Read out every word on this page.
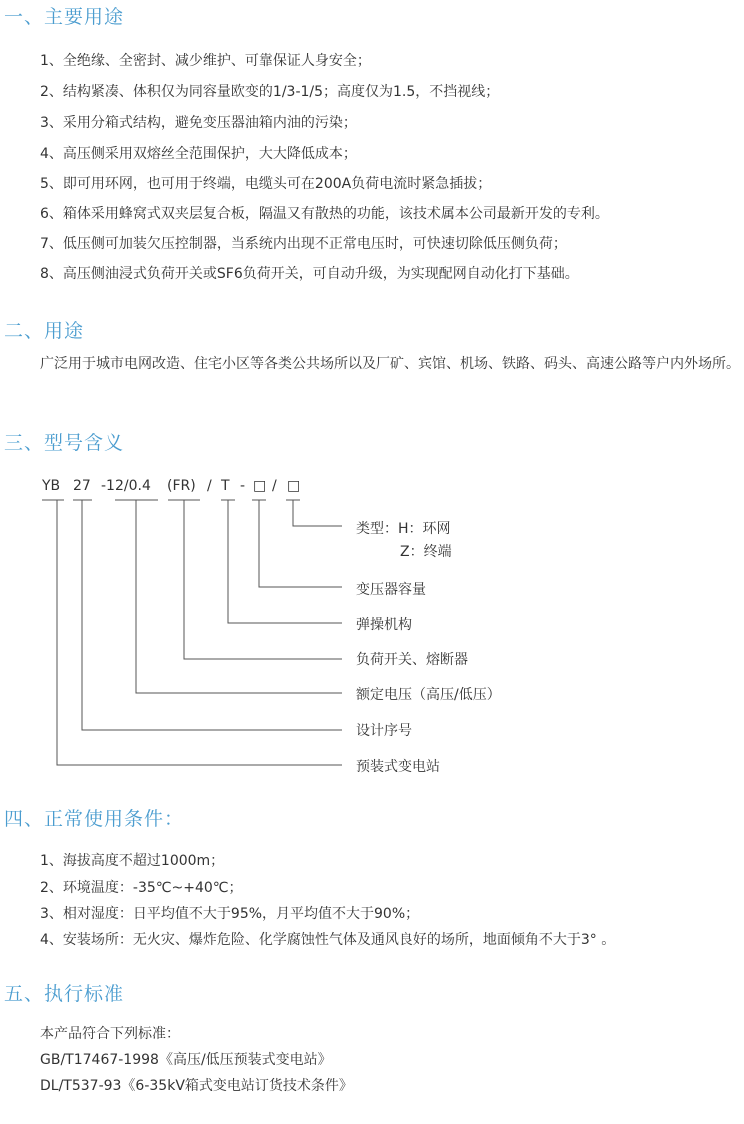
一、主要用途
1、全绝缘、全密封、减少维护、可靠保证人身安全；
2、结构紧凑、体积仅为同容量欧变的1/3-1/5；高度仅为1.5，不挡视线；
3、采用分箱式结构，避免变压器油箱内油的污染；
4、高压侧采用双熔丝全范围保护，大大降低成本；
5、即可用环网，也可用于终端，电缆头可在200A负荷电流时紧急插拔；
6、箱体采用蜂窝式双夹层复合板，隔温又有散热的功能，该技术属本公司最新开发的专利。
7、低压侧可加装欠压控制器，当系统内出现不正常电压时，可快速切除低压侧负荷；
8、高压侧油浸式负荷开关或SF6负荷开关，可自动升级，为实现配网自动化打下基础。
二、用途
广泛用于城市电网改造、住宅小区等各类公共场所以及厂矿、宾馆、机场、铁路、码头、高速公路等户内外场所。
三、型号含义
YB 27 -12/0.4 (FR) / T - □ / □
类型：H：环网
Z：终端
变压器容量
弹操机构
负荷开关、熔断器
额定电压（高压/低压）
设计序号
预装式变电站
四、正常使用条件：
1、海拔高度不超过1000m；
2、环境温度：-35℃~+40℃；
3、相对湿度：日平均值不大于95%，月平均值不大于90%；
4、安装场所：无火灾、爆炸危险、化学腐蚀性气体及通风良好的场所，地面倾角不大于3° 。
五、执行标准
本产品符合下列标准：
GB/T17467-1998《高压/低压预装式变电站》
DL/T537-93《6-35kV箱式变电站订货技术条件》
